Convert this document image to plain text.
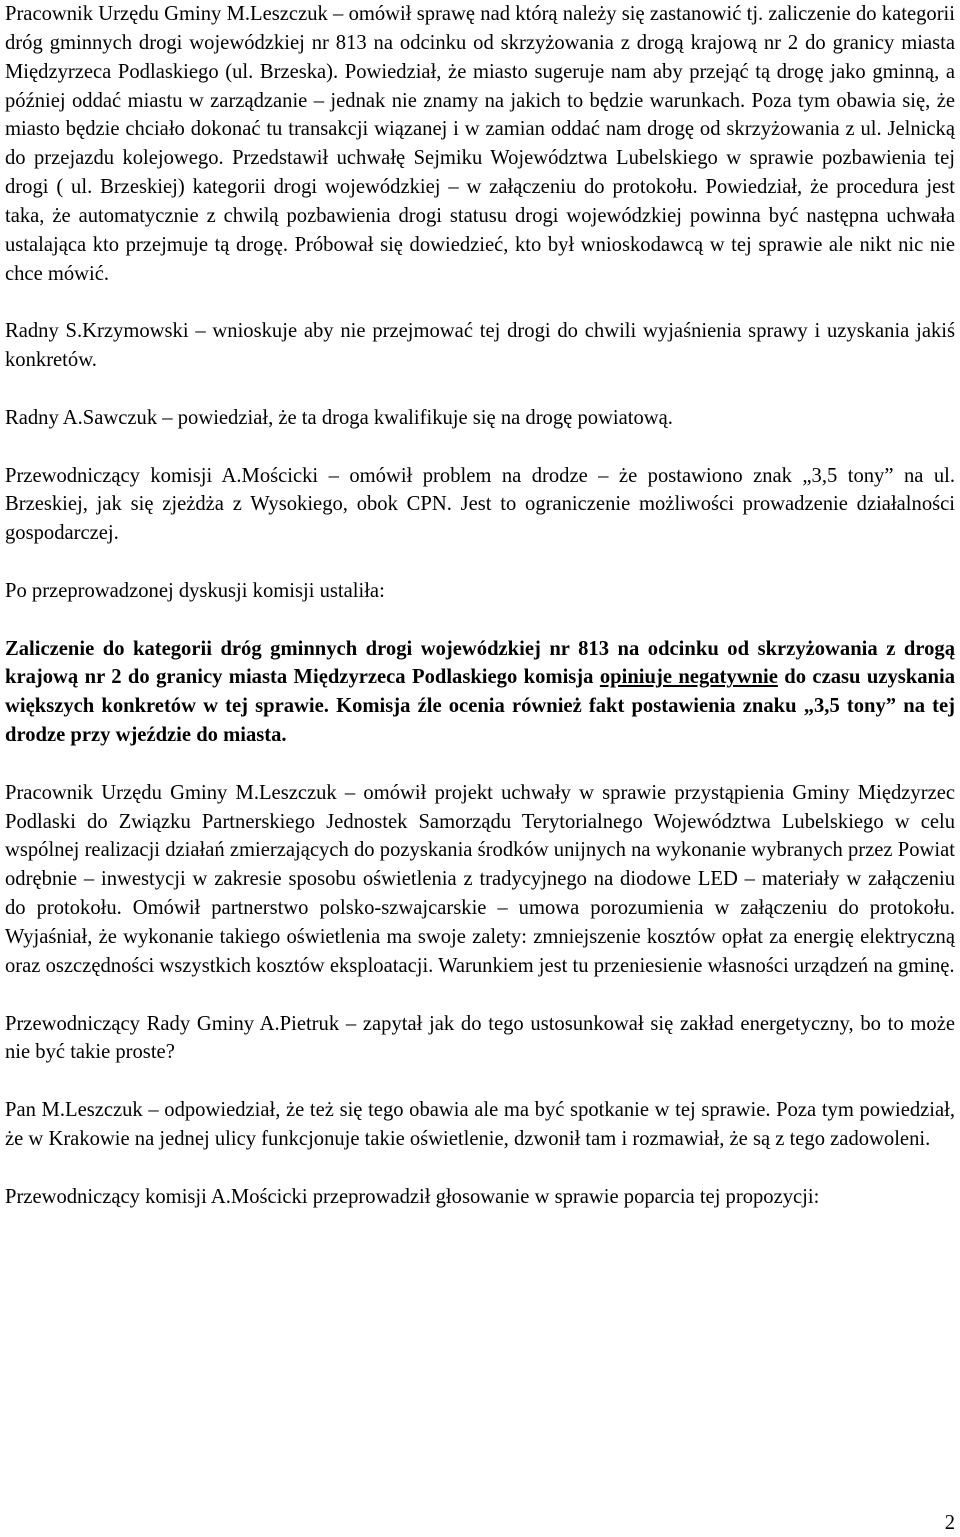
Pracownik Urzędu Gminy M.Leszczuk – omówił sprawę nad którą należy się zastanowić tj. zaliczenie do kategorii dróg gminnych drogi wojewódzkiej nr 813 na odcinku od skrzyżowania z drogą krajową nr 2 do granicy miasta Międzyrzeca Podlaskiego (ul. Brzeska). Powiedział, że miasto sugeruje nam aby przejąć tą drogę jako gminną, a później oddać miastu w zarządzanie – jednak nie znamy na jakich to będzie warunkach. Poza tym obawia się, że miasto będzie chciało dokonać tu transakcji wiązanej i w zamian oddać nam drogę od skrzyżowania z ul. Jelnicką do przejazdu kolejowego. Przedstawił uchwałę Sejmiku Województwa Lubelskiego w sprawie pozbawienia tej drogi ( ul. Brzeskiej) kategorii drogi wojewódzkiej – w załączeniu do protokołu. Powiedział, że procedura jest taka, że automatycznie z chwilą pozbawienia drogi statusu drogi wojewódzkiej powinna być następna uchwała ustalająca kto przejmuje tą drogę. Próbował się dowiedzieć, kto był wnioskodawcą w tej sprawie ale nikt nic nie chce mówić.

Radny S.Krzymowski – wnioskuje aby nie przejmować tej drogi do chwili wyjaśnienia sprawy i uzyskania jakiś konkretów.

Radny A.Sawczuk – powiedział, że ta droga kwalifikuje się na drogę powiatową.

Przewodniczący komisji A.Mościcki – omówił problem na drodze – że postawiono znak „3,5 tony” na ul. Brzeskiej, jak się zjeżdża z Wysokiego, obok CPN. Jest to ograniczenie możliwości prowadzenie działalności gospodarczej.

Po przeprowadzonej dyskusji komisji ustaliła:

Zaliczenie do kategorii dróg gminnych drogi wojewódzkiej nr 813 na odcinku od skrzyżowania z drogą krajową nr 2 do granicy miasta Międzyrzeca Podlaskiego komisja opiniuje negatywnie do czasu uzyskania większych konkretów w tej sprawie. Komisja źle ocenia również fakt postawienia znaku „3,5 tony” na tej drodze przy wjeździe do miasta.

Pracownik Urzędu Gminy M.Leszczuk – omówił projekt uchwały w sprawie przystąpienia Gminy Międzyrzec Podlaski do Związku Partnerskiego Jednostek Samorządu Terytorialnego Województwa Lubelskiego w celu wspólnej realizacji działań zmierzających do pozyskania środków unijnych na wykonanie wybranych przez Powiat odrębnie – inwestycji w zakresie sposobu oświetlenia z tradycyjnego na diodowe LED – materiały w załączeniu do protokołu. Omówił partnerstwo polsko-szwajcarskie – umowa porozumienia w załączeniu do protokołu. Wyjaśniał, że wykonanie takiego oświetlenia ma swoje zalety: zmniejszenie kosztów opłat za energię elektryczną oraz oszczędności wszystkich kosztów eksploatacji. Warunkiem jest tu przeniesienie własności urządzeń na gminę.

Przewodniczący Rady Gminy A.Pietruk – zapytał jak do tego ustosunkował się zakład energetyczny, bo to może nie być takie proste?

Pan M.Leszczuk – odpowiedział, że też się tego obawia ale ma być spotkanie w tej sprawie. Poza tym powiedział, że w Krakowie na jednej ulicy funkcjonuje takie oświetlenie, dzwonił tam i rozmawiał, że są z tego zadowoleni.

Przewodniczący komisji A.Mościcki przeprowadził głosowanie w sprawie poparcia tej propozycji:

2
